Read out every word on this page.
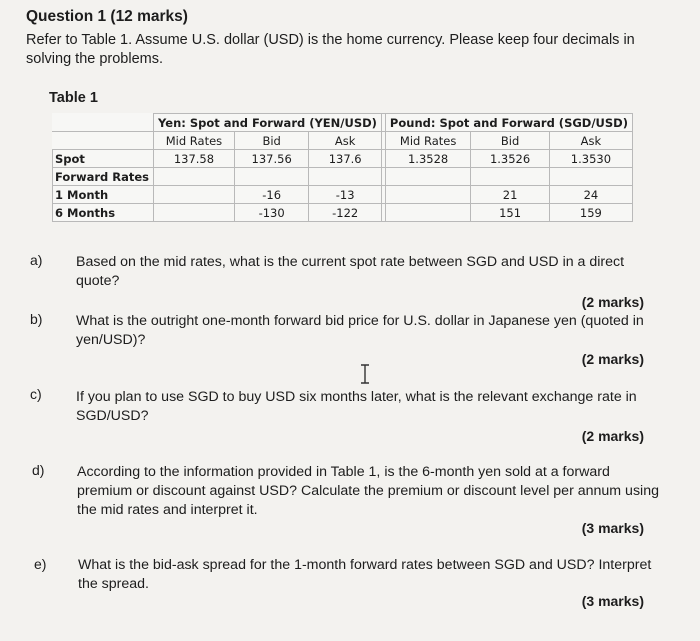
Question 1 (12 marks)
Refer to Table 1. Assume U.S. dollar (USD) is the home currency. Please keep four decimals in solving the problems.
Table 1
	Yen: Spot and Forward (YEN/USD)				Pound: Spot and Forward (SGD/USD)		
	Mid Rates	Bid	Ask		Mid Rates	Bid	Ask
Spot	137.58	137.56	137.6		1.3528	1.3526	1.3530
Forward Rates							
1 Month		-16	-13			21	24
6 Months		-130	-122			151	159
a) Based on the mid rates, what is the current spot rate between SGD and USD in a direct quote?
(2 marks)
b) What is the outright one-month forward bid price for U.S. dollar in Japanese yen (quoted in yen/USD)?
(2 marks)
c) If you plan to use SGD to buy USD six months later, what is the relevant exchange rate in SGD/USD?
(2 marks)
d) According to the information provided in Table 1, is the 6-month yen sold at a forward premium or discount against USD? Calculate the premium or discount level per annum using the mid rates and interpret it.
(3 marks)
e) What is the bid-ask spread for the 1-month forward rates between SGD and USD? Interpret the spread.
(3 marks)
